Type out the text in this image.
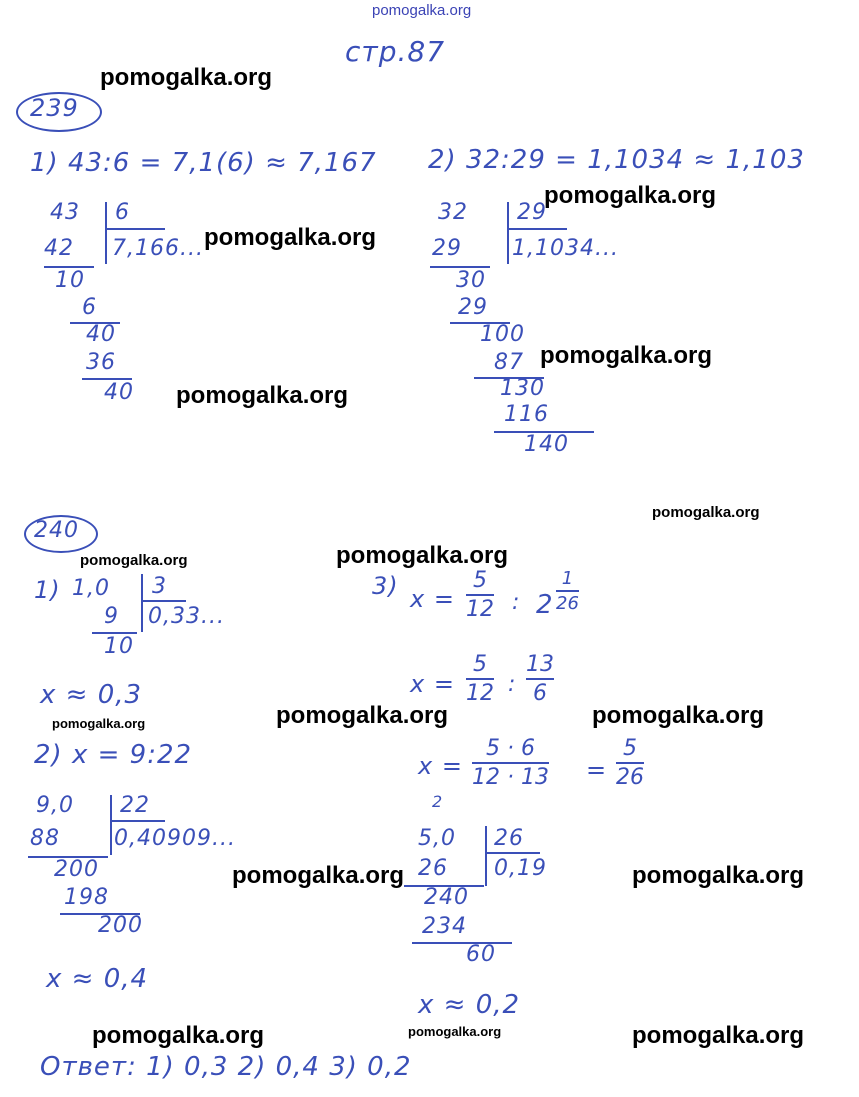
pomogalka.org
стр.87
239
1) 43:6 = 7,1(6) ≈ 7,167
43 6
42 7,166...
10
6
40
36
40
2) 32:29 = 1,1034 ≈ 1,103
32 29
29 1,1034...
30
29
100
87
130
116
140
240
1) 1,0 3
9 0,33...
10
x ≈ 0,3
2) x = 9:22
9,0 22
88 0,40909...
200
198
200
x ≈ 0,4
3) x =
5
12 : 2
1
26
x =
5
12 :
13
6
x =
5 · 6
12 · 13
2
=
5
26
5,0 26
26 0,19
240
234
60
x ≈ 0,2
Ответ: 1) 0,3 2) 0,4 3) 0,2
pomogalka.org
pomogalka.org
pomogalka.org
pomogalka.org
pomogalka.org
pomogalka.org
pomogalka.org	pomogalka.org
pomogalka.org	pomogalka.org	pomogalka.org
pomogalka.org	pomogalka.org
pomogalka.org	pomogalka.org	pomogalka.org
